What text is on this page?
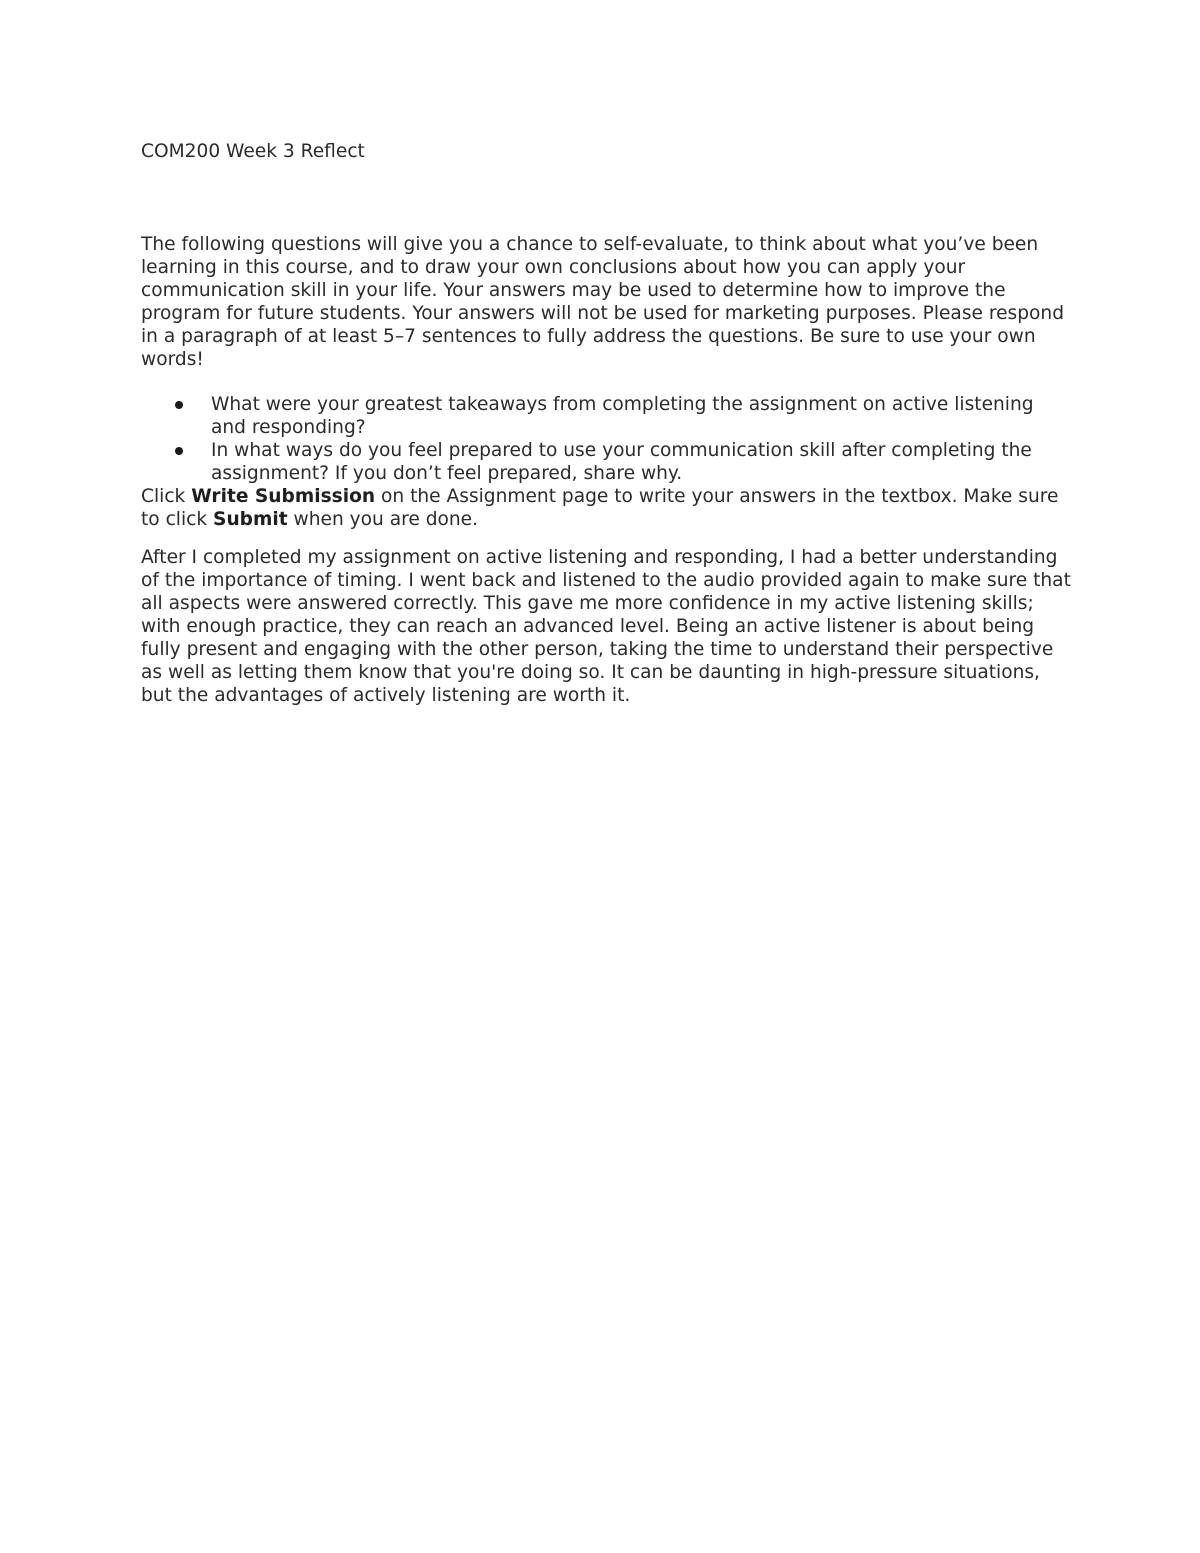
COM200 Week 3 Reflect

The following questions will give you a chance to self-evaluate, to think about what you’ve been learning in this course, and to draw your own conclusions about how you can apply your communication skill in your life. Your answers may be used to determine how to improve the program for future students. Your answers will not be used for marketing purposes. Please respond in a paragraph of at least 5–7 sentences to fully address the questions. Be sure to use your own words!

What were your greatest takeaways from completing the assignment on active listening and responding?
In what ways do you feel prepared to use your communication skill after completing the assignment? If you don’t feel prepared, share why.

Click Write Submission on the Assignment page to write your answers in the textbox. Make sure to click Submit when you are done.

After I completed my assignment on active listening and responding, I had a better understanding of the importance of timing. I went back and listened to the audio provided again to make sure that all aspects were answered correctly. This gave me more confidence in my active listening skills; with enough practice, they can reach an advanced level. Being an active listener is about being fully present and engaging with the other person, taking the time to understand their perspective as well as letting them know that you're doing so. It can be daunting in high-pressure situations, but the advantages of actively listening are worth it.
